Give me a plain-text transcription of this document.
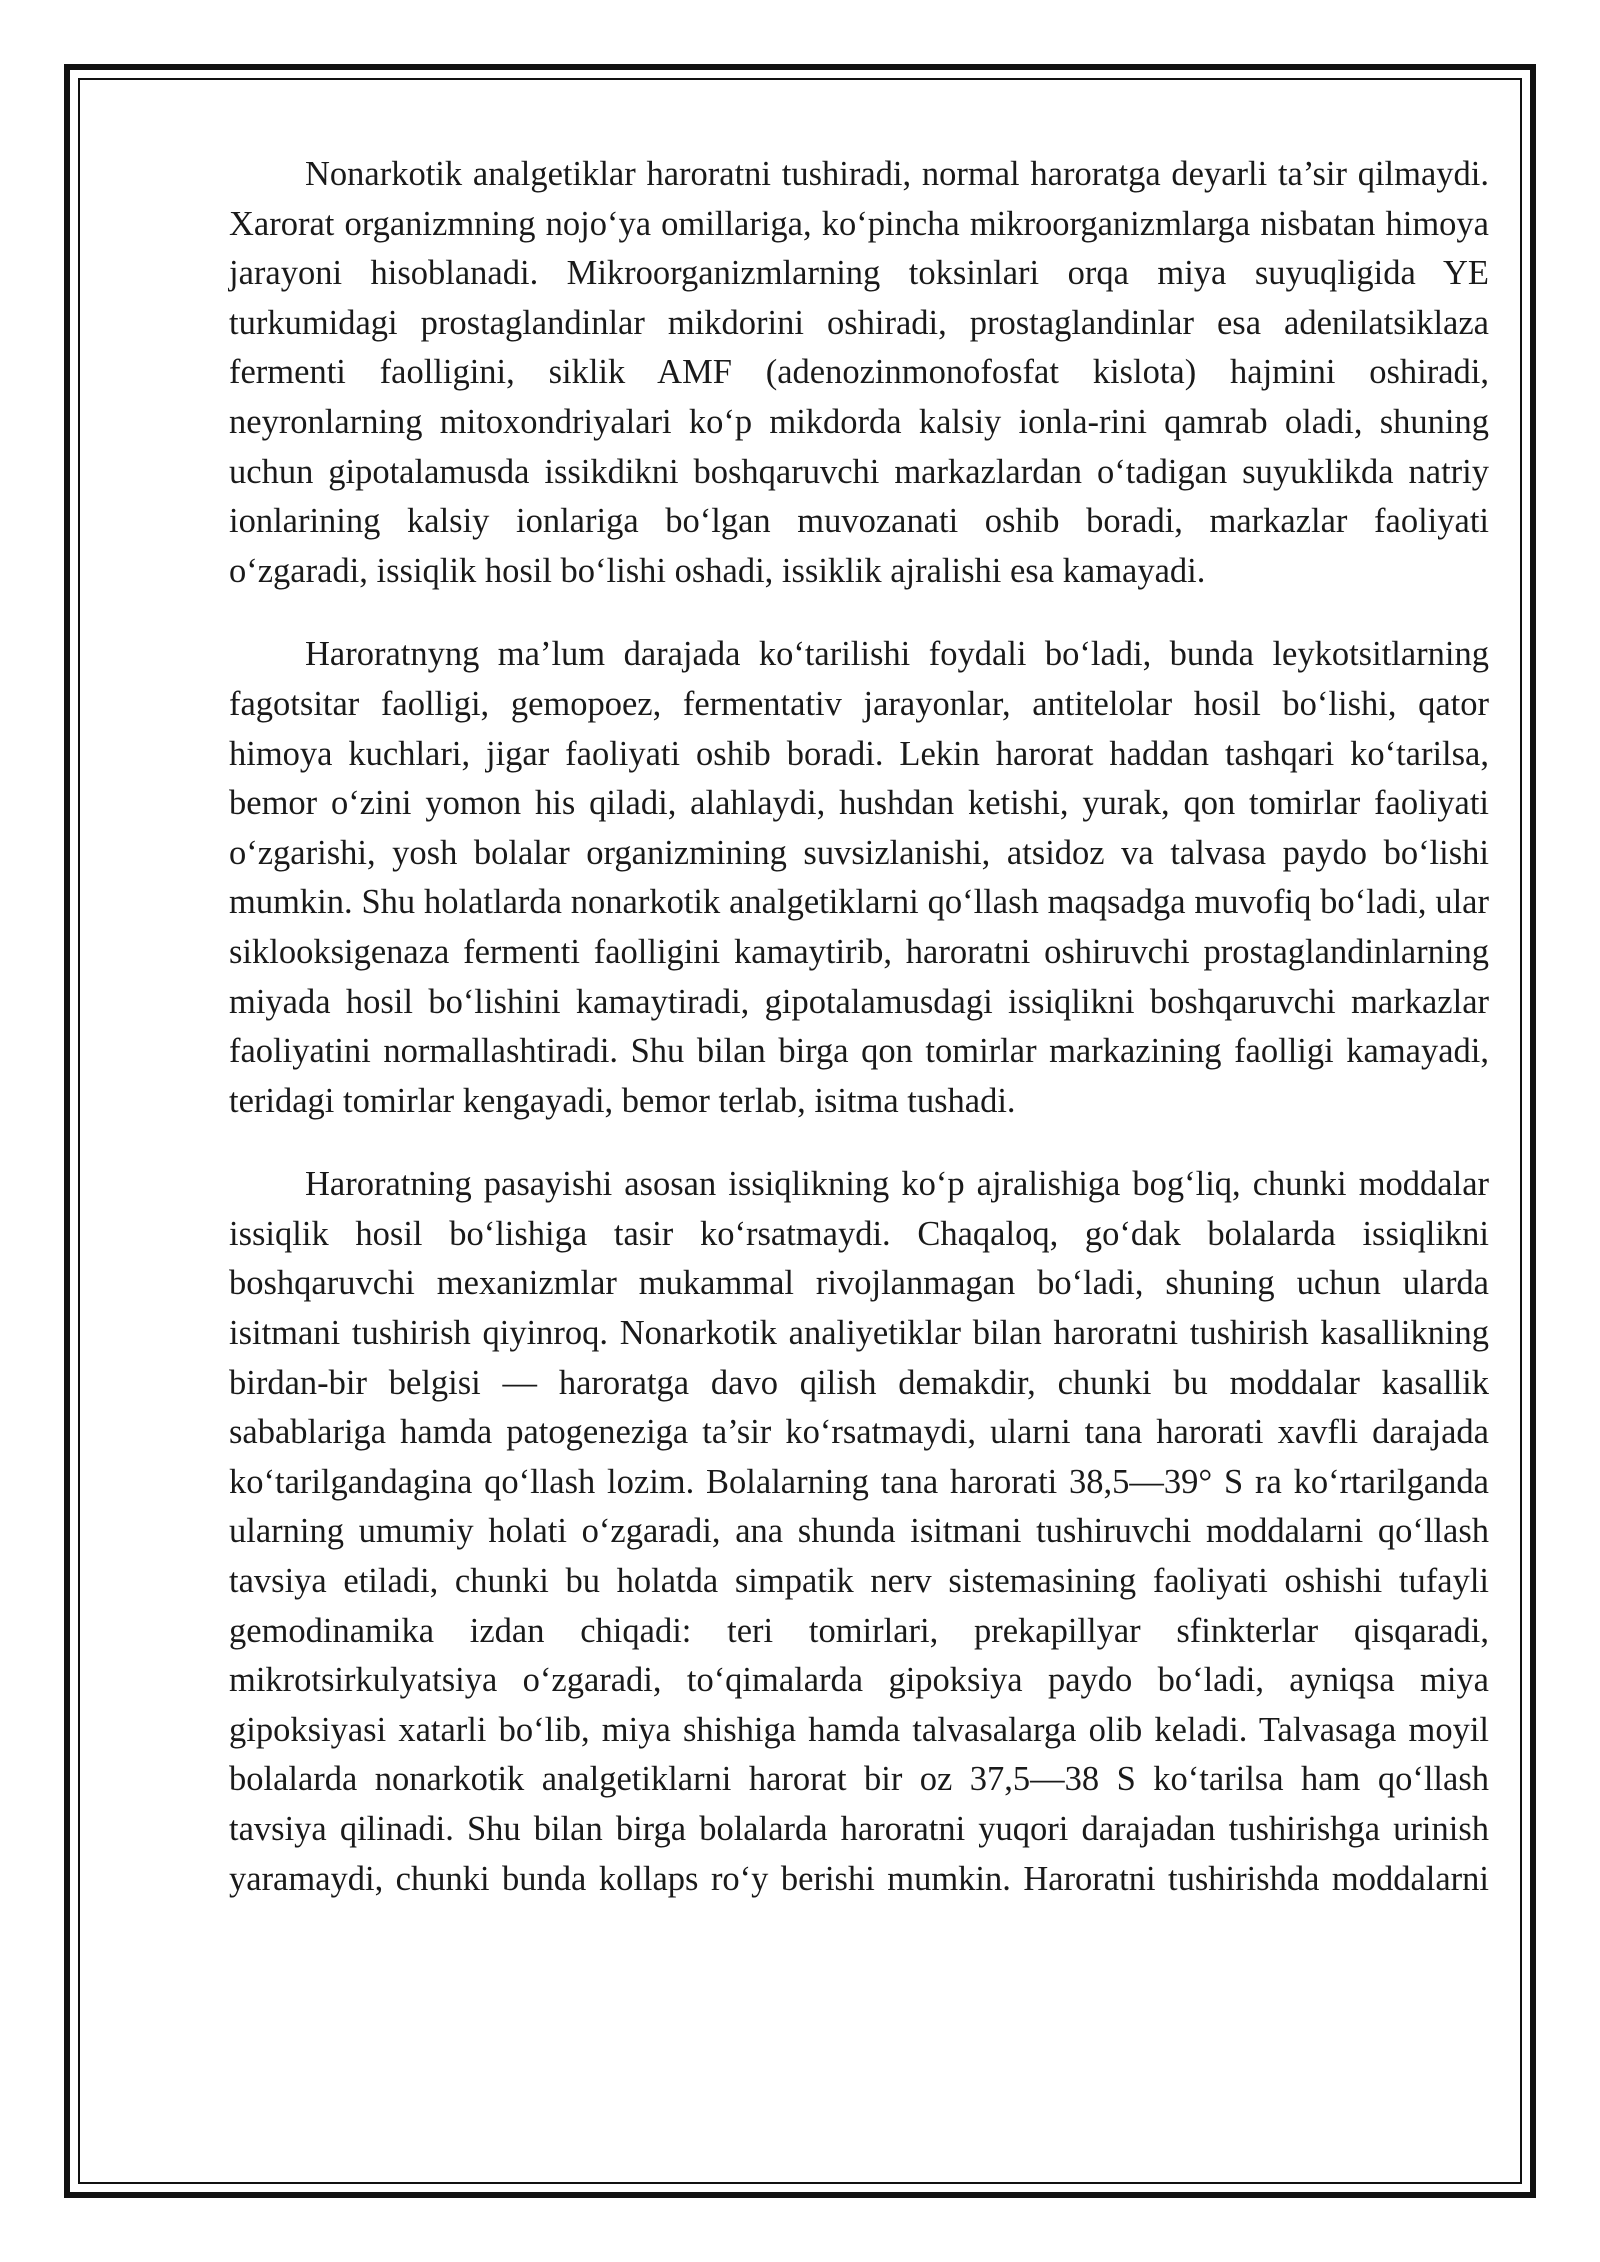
Nonarkotik analgetiklar haroratni tushiradi, normal haroratga deyarli ta’sir qilmaydi. Xarorat organizmning nojo‘ya omillariga, ko‘pincha mikroorganizmlarga nisbatan himoya jarayoni hisoblanadi. Mikroorganizmlarning toksinlari orqa miya suyuqligida YE turkumidagi prostaglandinlar mikdorini oshiradi, prostaglandinlar esa adenilatsiklaza fermenti faolligini, siklik AMF (adenozinmonofosfat kislota) hajmini oshiradi, neyronlarning mitoxondriyalari ko‘p mikdorda kalsiy ionla-rini qamrab oladi, shuning uchun gipotalamusda issikdikni boshqaruvchi markazlardan o‘tadigan suyuklikda natriy ionlarining kalsiy ionlariga bo‘lgan muvozanati oshib boradi, markazlar faoliyati o‘zgaradi, issiqlik hosil bo‘lishi oshadi, issiklik ajralishi esa kamayadi.

Haroratnyng ma’lum darajada ko‘tarilishi foydali bo‘ladi, bunda leykotsitlarning fagotsitar faolligi, gemopoez, fermentativ jarayonlar, antitelolar hosil bo‘lishi, qator himoya kuchlari, jigar faoliyati oshib boradi. Lekin harorat haddan tashqari ko‘tarilsa, bemor o‘zini yomon his qiladi, alahlaydi, hushdan ketishi, yurak, qon tomirlar faoliyati o‘zgarishi, yosh bolalar organizmining suvsizlanishi, atsidoz va talvasa paydo bo‘lishi mumkin. Shu holatlarda nonarkotik analgetiklarni qo‘llash maqsadga muvofiq bo‘ladi, ular siklooksigenaza fermenti faolligini kamaytirib, haroratni oshiruvchi prostaglandinlarning miyada hosil bo‘lishini kamaytiradi, gipotalamusdagi issiqlikni boshqaruvchi markazlar faoliyatini normallashtiradi. Shu bilan birga qon tomirlar markazining faolligi kamayadi, teridagi tomirlar kengayadi, bemor terlab, isitma tushadi.

Haroratning pasayishi asosan issiqlikning ko‘p ajralishiga bog‘liq, chunki moddalar issiqlik hosil bo‘lishiga tasir ko‘rsatmaydi. Chaqaloq, go‘dak bolalarda issiqlikni boshqaruvchi mexanizmlar mukammal rivojlanmagan bo‘ladi, shuning uchun ularda isitmani tushirish qiyinroq. Nonarkotik analiyetiklar bilan haroratni tushirish kasallikning birdan-bir belgisi — haroratga davo qilish demakdir, chunki bu moddalar kasallik sabablariga hamda patogeneziga ta’sir ko‘rsatmaydi, ularni tana harorati xavfli darajada ko‘tarilgandagina qo‘llash lozim. Bolalarning tana harorati 38,5—39° S ra ko‘rtarilganda ularning umumiy holati o‘zgaradi, ana shunda isitmani tushiruvchi moddalarni qo‘llash tavsiya etiladi, chunki bu holatda simpatik nerv sistemasining faoliyati oshishi tufayli gemodinamika izdan chiqadi: teri tomirlari, prekapillyar sfinkterlar qisqaradi, mikrotsirkulyatsiya o‘zgaradi, to‘qimalarda gipoksiya paydo bo‘ladi, ayniqsa miya gipoksiyasi xatarli bo‘lib, miya shishiga hamda talvasalarga olib keladi. Talvasaga moyil bolalarda nonarkotik analgetiklarni harorat bir oz 37,5—38 S ko‘tarilsa ham qo‘llash tavsiya qilinadi. Shu bilan birga bolalarda haroratni yuqori darajadan tushirishga urinish yaramaydi, chunki bunda kollaps ro‘y berishi mumkin. Haroratni tushirishda moddalarni
